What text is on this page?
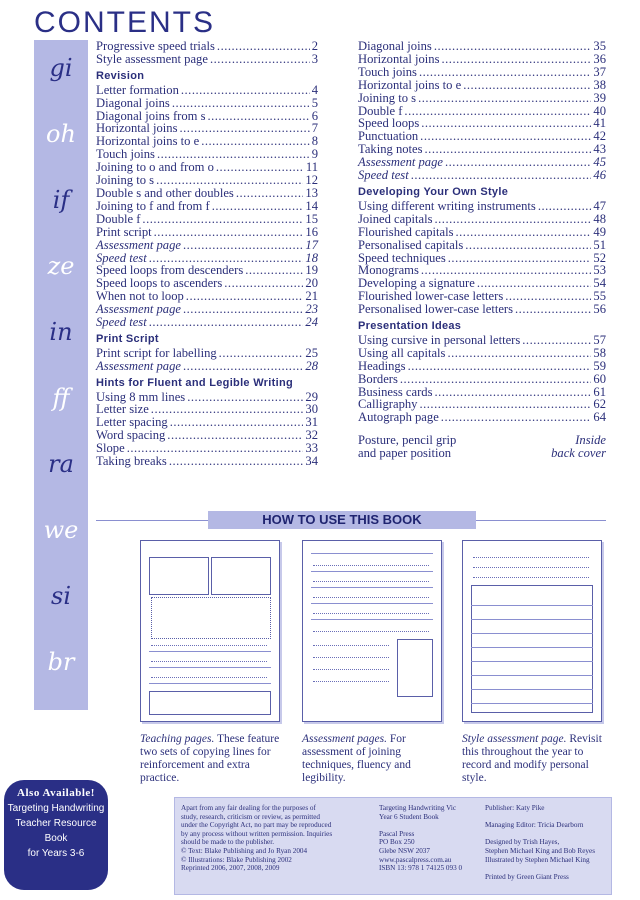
CONTENTS
gi
oh
if
ze
in
ff
ra
we
si
br
Progressive speed trials .....	2
Style assessment page .....	3
Revision
Letter formation .....	4
Diagonal joins .....	5
Diagonal joins from s .....	6
Horizontal joins .....	7
Horizontal joins to e .....	8
Touch joins .....	9
Joining to o and from o .....	11
Joining to s .....	12
Double s and other doubles .....	13
Joining to f and from f .....	14
Double f .....	15
Print script .....	16
Assessment page .....	17
Speed test .....	18
Speed loops from descenders .....	19
Speed loops to ascenders .....	20
When not to loop .....	21
Assessment page .....	23
Speed test .....	24
Print Script
Print script for labelling .....	25
Assessment page .....	28
Hints for Fluent and Legible Writing
Using 8 mm lines .....	29
Letter size .....	30
Letter spacing .....	31
Word spacing .....	32
Slope .....	33
Taking breaks .....	34
Diagonal joins .....	35
Horizontal joins .....	36
Touch joins .....	37
Horizontal joins to e .....	38
Joining to s .....	39
Double f .....	40
Speed loops .....	41
Punctuation .....	42
Taking notes .....	43
Assessment page .....	45
Speed test .....	46
Developing Your Own Style
Using different writing instruments .....	47
Joined capitals .....	48
Flourished capitals .....	49
Personalised capitals .....	51
Speed techniques .....	52
Monograms .....	53
Developing a signature .....	54
Flourished lower-case letters .....	55
Personalised lower-case letters .....	56
Presentation Ideas
Using cursive in personal letters .....	57
Using all capitals .....	58
Headings .....	59
Borders .....	60
Business cards .....	61
Calligraphy .....	62
Autograph page .....	64
Posture, pencil grip
and paper position
Inside
back cover
HOW TO USE THIS BOOK
Teaching pages. These feature two sets of copying lines for reinforcement and extra practice.
Assessment pages. For assessment of joining techniques, fluency and legibility.
Style assessment page. Revisit this throughout the year to record and modify personal style.
Also Available!
Targeting Handwriting
Teacher Resource Book
for Years 3-6
Apart from any fair dealing for the purposes of
study, research, criticism or review, as permitted
under the Copyright Act, no part may be reproduced
by any process without written permission. Inquiries
should be made to the publisher.
© Text: Blake Publishing and Jo Ryan 2004
© Illustrations: Blake Publishing 2002
Reprinted 2006, 2007, 2008, 2009
Targeting Handwriting Vic
Year 6 Student Book
Pascal Press
PO Box 250
Glebe NSW 2037
www.pascalpress.com.au
ISBN 13: 978 1 74125 093 0
Publisher: Katy Pike
Managing Editor: Tricia Dearborn
Designed by Trish Hayes,
Stephen Michael King and Bob Reyes
Illustrated by Stephen Michael King
Printed by Green Giant Press
